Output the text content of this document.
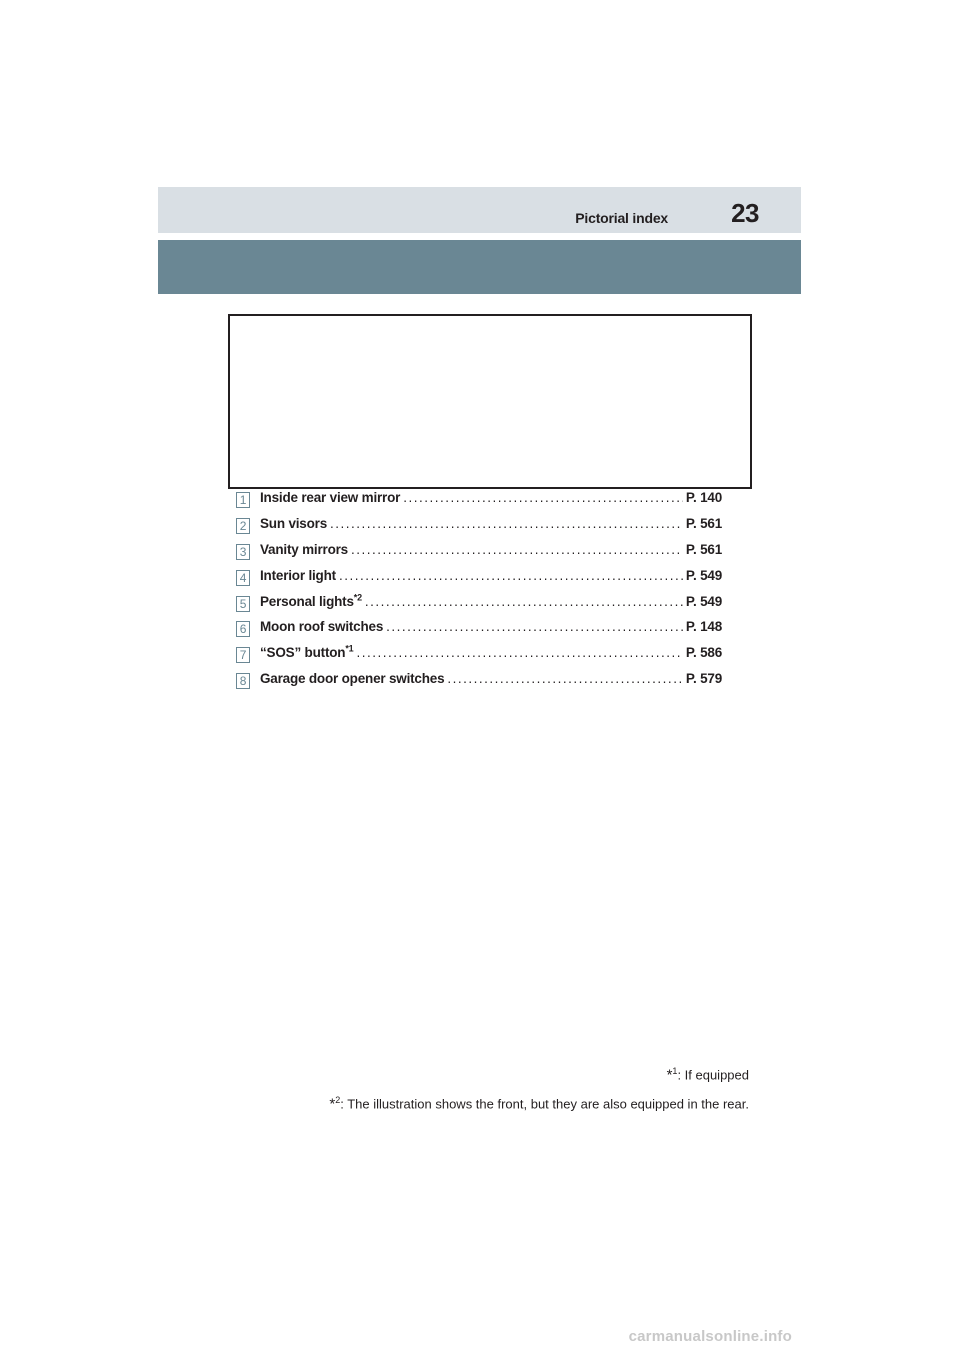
Pictorial index 23
1 Inside rear view mirror .....	P. 140
2 Sun visors .....	P. 561
3 Vanity mirrors .....	P. 561
4 Interior light .....	P. 549
5 Personal lights$^{*2}$ .....	P. 549
6 Moon roof switches .....	P. 148
7 “SOS” button$^{*1}$ .....	P. 586
8 Garage door opener switches .....	P. 579
*$^1$: If equipped
*$^2$: The illustration shows the front, but they are also equipped in the rear.
carmanualsonline.info
